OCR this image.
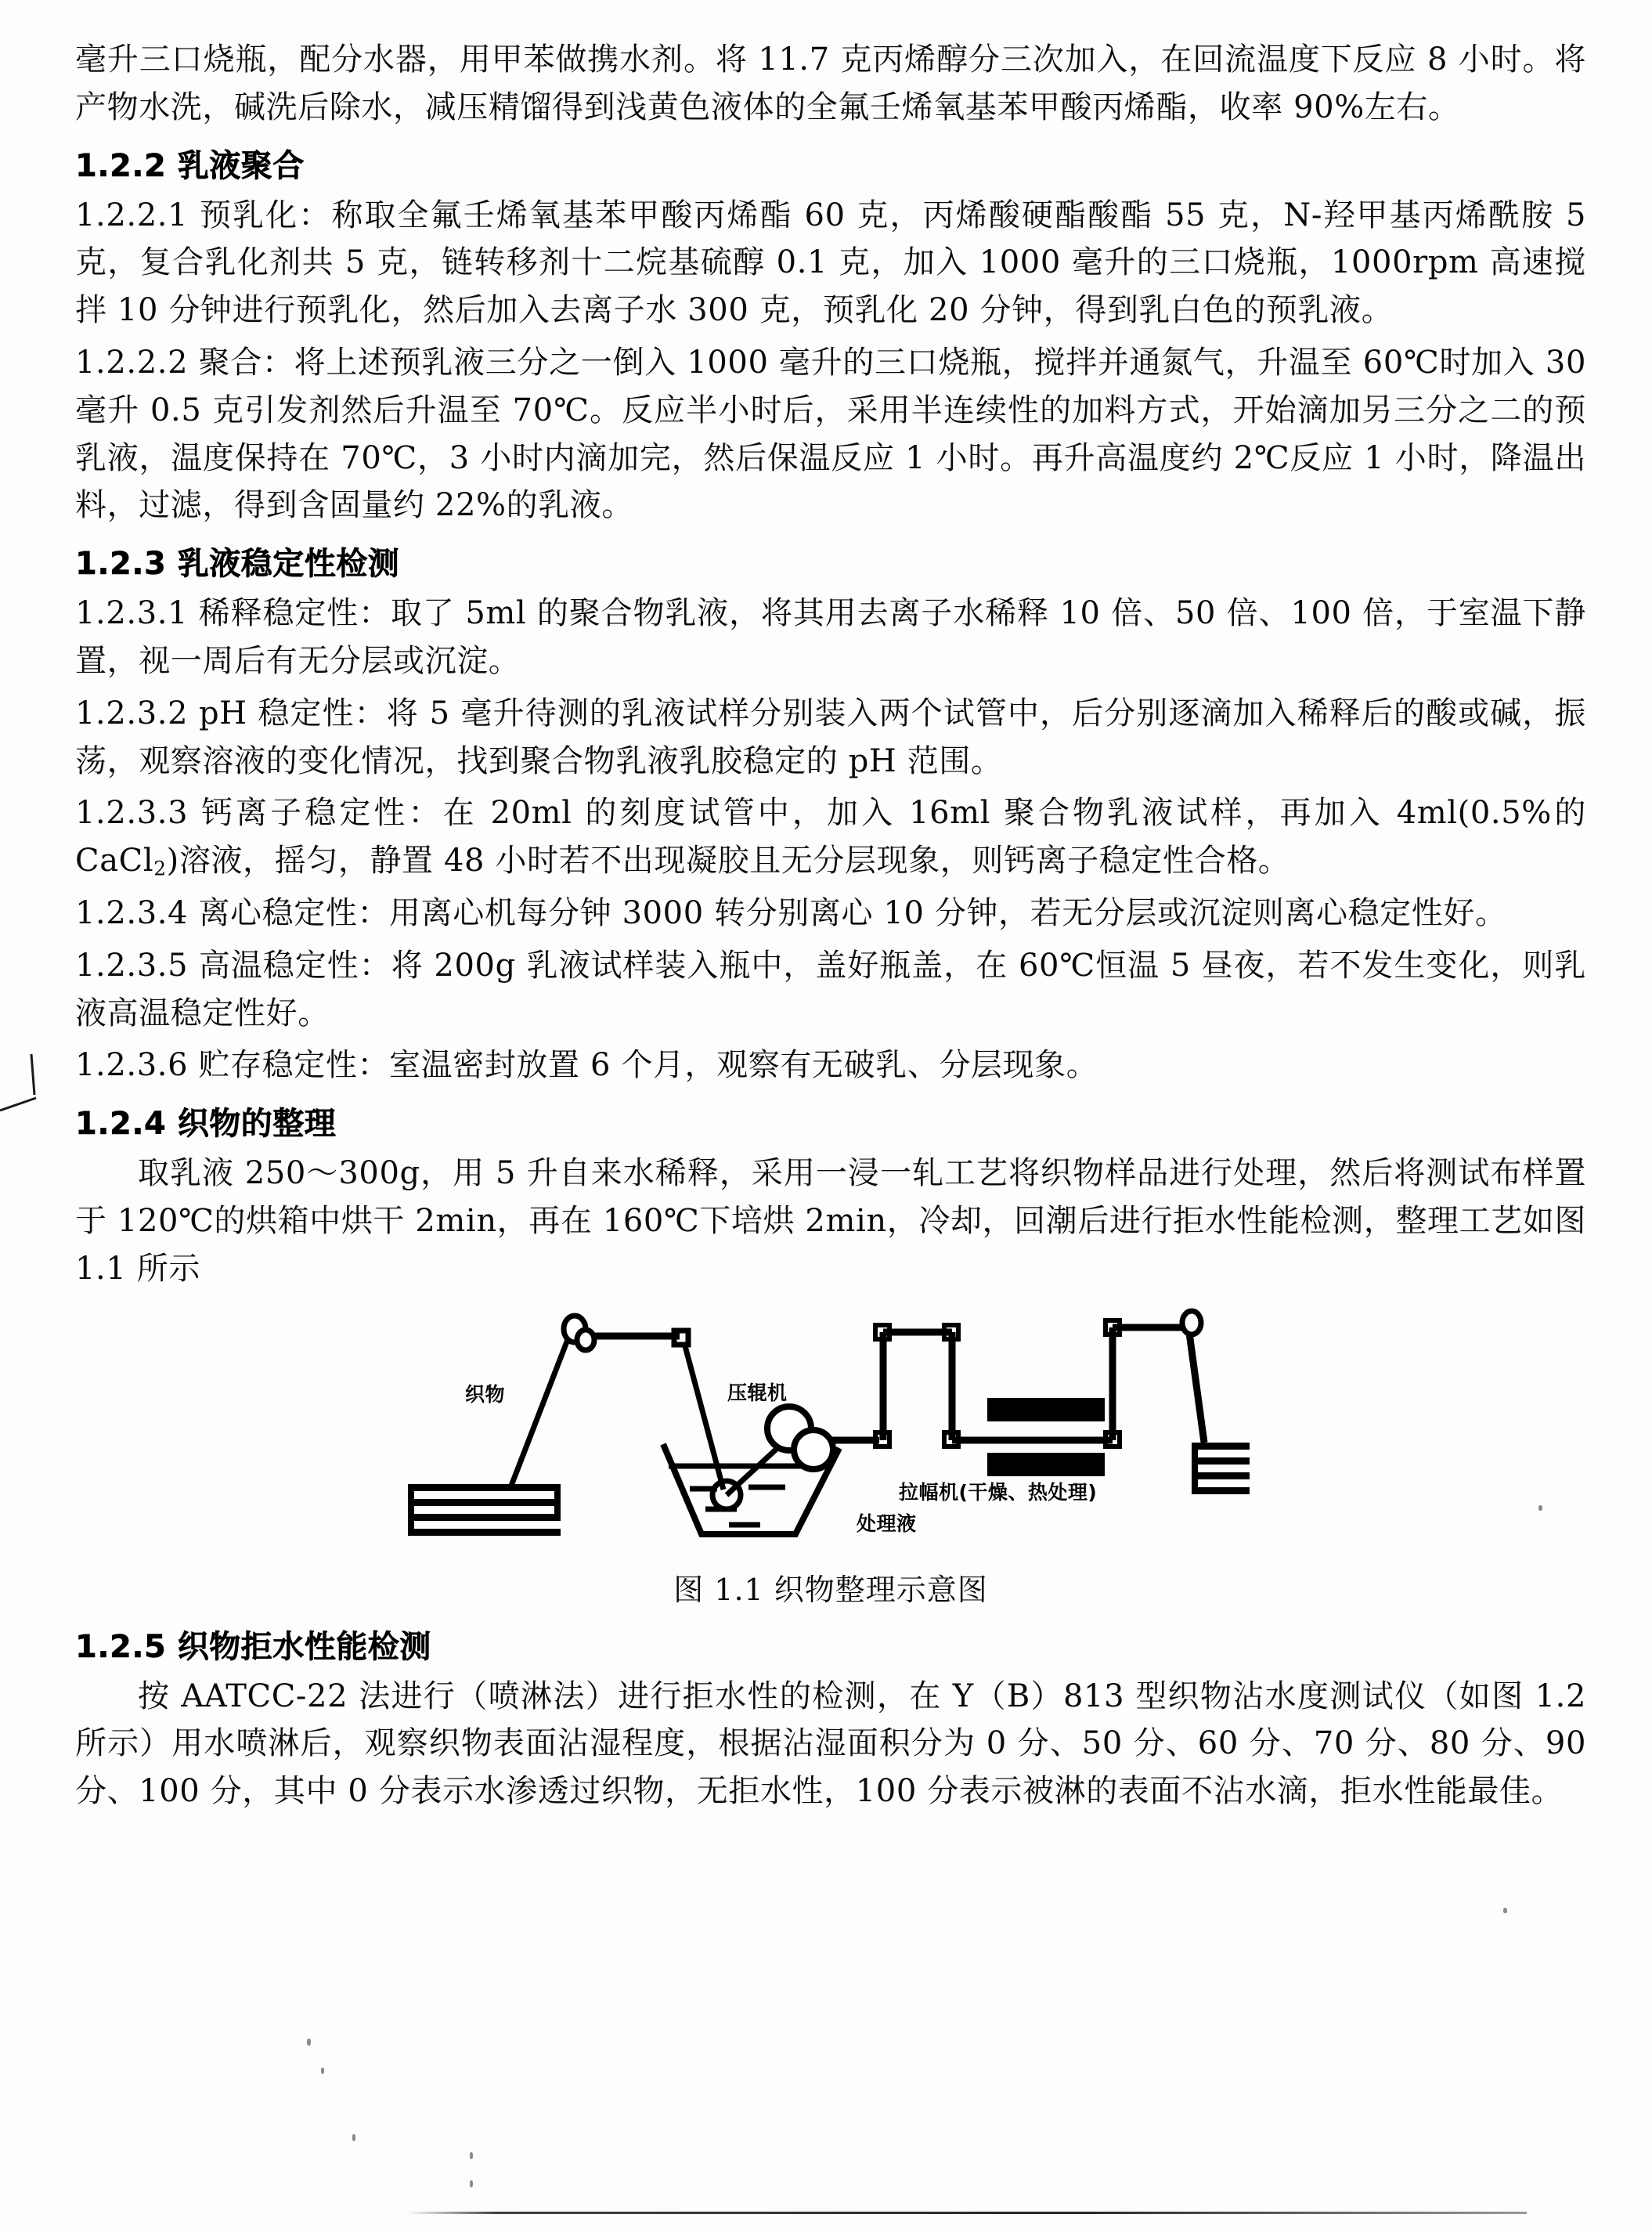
毫升三口烧瓶，配分水器，用甲苯做携水剂。将 11.7 克丙烯醇分三次加入，在回流温度下反应 8 小时。将产物水洗，碱洗后除水，减压精馏得到浅黄色液体的全氟壬烯氧基苯甲酸丙烯酯，收率 90%左右。

1.2.2 乳液聚合

1.2.2.1 预乳化：称取全氟壬烯氧基苯甲酸丙烯酯 60 克，丙烯酸硬酯酸酯 55 克，N-羟甲基丙烯酰胺 5 克，复合乳化剂共 5 克，链转移剂十二烷基硫醇 0.1 克，加入 1000 毫升的三口烧瓶，1000rpm 高速搅拌 10 分钟进行预乳化，然后加入去离子水 300 克，预乳化 20 分钟，得到乳白色的预乳液。

1.2.2.2 聚合：将上述预乳液三分之一倒入 1000 毫升的三口烧瓶，搅拌并通氮气，升温至 60℃时加入 30 毫升 0.5 克引发剂然后升温至 70℃。反应半小时后，采用半连续性的加料方式，开始滴加另三分之二的预乳液，温度保持在 70℃，3 小时内滴加完，然后保温反应 1 小时。再升高温度约 2℃反应 1 小时，降温出料，过滤，得到含固量约 22%的乳液。

1.2.3 乳液稳定性检测

1.2.3.1 稀释稳定性：取了 5ml 的聚合物乳液，将其用去离子水稀释 10 倍、50 倍、100 倍，于室温下静置，视一周后有无分层或沉淀。

1.2.3.2 pH 稳定性：将 5 毫升待测的乳液试样分别装入两个试管中，后分别逐滴加入稀释后的酸或碱，振荡，观察溶液的变化情况，找到聚合物乳液乳胶稳定的 pH 范围。

1.2.3.3 钙离子稳定性：在 20ml 的刻度试管中，加入 16ml 聚合物乳液试样，再加入 4ml(0.5%的 CaCl$_2$)溶液，摇匀，静置 48 小时若不出现凝胶且无分层现象，则钙离子稳定性合格。

1.2.3.4 离心稳定性：用离心机每分钟 3000 转分别离心 10 分钟，若无分层或沉淀则离心稳定性好。

1.2.3.5 高温稳定性：将 200g 乳液试样装入瓶中，盖好瓶盖，在 60℃恒温 5 昼夜，若不发生变化，则乳液高温稳定性好。

1.2.3.6 贮存稳定性：室温密封放置 6 个月，观察有无破乳、分层现象。

1.2.4 织物的整理

取乳液 250～300g，用 5 升自来水稀释，采用一浸一轧工艺将织物样品进行处理，然后将测试布样置于 120℃的烘箱中烘干 2min，再在 160℃下培烘 2min，冷却，回潮后进行拒水性能检测，整理工艺如图 1.1 所示

织物	压辊机
处理液
拉幅机(干燥、热处理)
图 1.1 织物整理示意图
1.2.5 织物拒水性能检测

按 AATCC-22 法进行（喷淋法）进行拒水性的检测，在 Y（B）813 型织物沾水度测试仪（如图 1.2 所示）用水喷淋后，观察织物表面沾湿程度，根据沾湿面积分为 0 分、50 分、60 分、70 分、80 分、90 分、100 分，其中 0 分表示水渗透过织物，无拒水性，100 分表示被淋的表面不沾水滴，拒水性能最佳。
